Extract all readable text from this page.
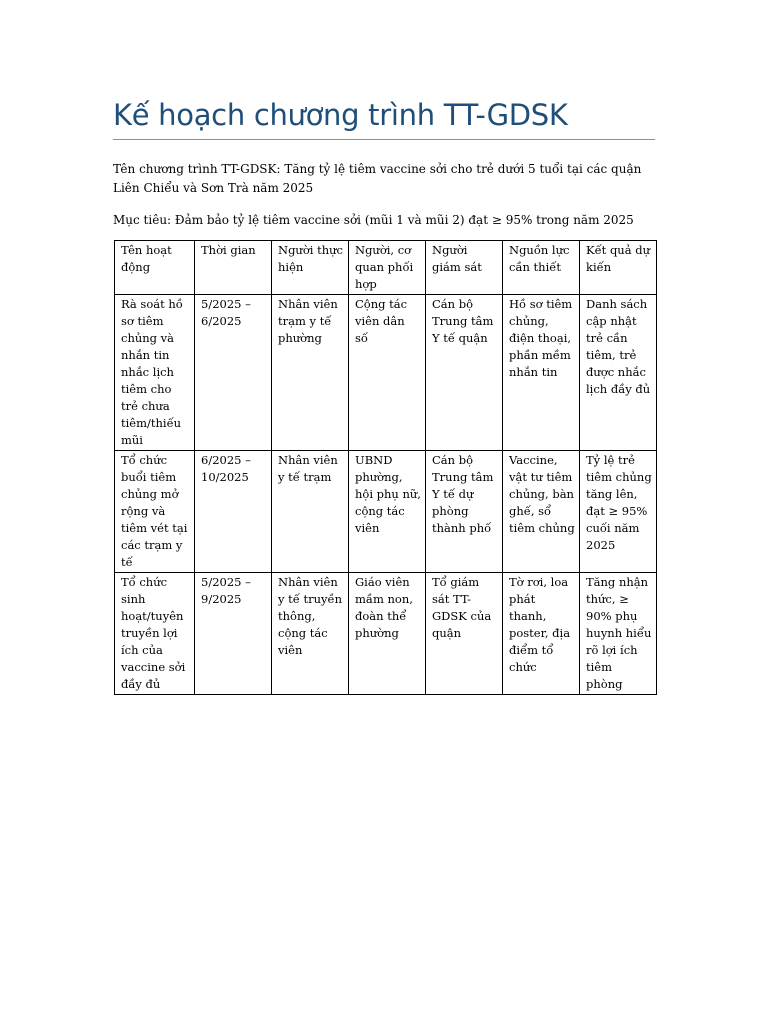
Kế hoạch chương trình TT-GDSK

Tên chương trình TT-GDSK: Tăng tỷ lệ tiêm vaccine sởi cho trẻ dưới 5 tuổi tại các quận Liên Chiểu và Sơn Trà năm 2025

Mục tiêu: Đảm bảo tỷ lệ tiêm vaccine sởi (mũi 1 và mũi 2) đạt ≥ 95% trong năm 2025

Tên hoạt động	Thời gian	Người thực hiện	Người, cơ quan phối hợp	Người giám sát	Nguồn lực cần thiết	Kết quả dự kiến
Rà soát hồ sơ tiêm chủng và nhắn tin nhắc lịch tiêm cho trẻ chưa tiêm/thiếu mũi	5/2025 – 6/2025	Nhân viên trạm y tế phường	Cộng tác viên dân số	Cán bộ Trung tâm Y tế quận	Hồ sơ tiêm chủng, điện thoại, phần mềm nhắn tin	Danh sách cập nhật trẻ cần tiêm, trẻ được nhắc lịch đầy đủ
Tổ chức buổi tiêm chủng mở rộng và tiêm vét tại các trạm y tế	6/2025 – 10/2025	Nhân viên y tế trạm	UBND phường, hội phụ nữ, cộng tác viên	Cán bộ Trung tâm Y tế dự phòng thành phố	Vaccine, vật tư tiêm chủng, bàn ghế, sổ tiêm chủng	Tỷ lệ trẻ tiêm chủng tăng lên, đạt ≥ 95% cuối năm 2025
Tổ chức sinh hoạt/tuyên truyền lợi ích của vaccine sởi đầy đủ	5/2025 – 9/2025	Nhân viên y tế truyền thông, cộng tác viên	Giáo viên mầm non, đoàn thể phường	Tổ giám sát TT-GDSK của quận	Tờ rơi, loa phát thanh, poster, địa điểm tổ chức	Tăng nhận thức, ≥ 90% phụ huynh hiểu rõ lợi ích tiêm phòng
